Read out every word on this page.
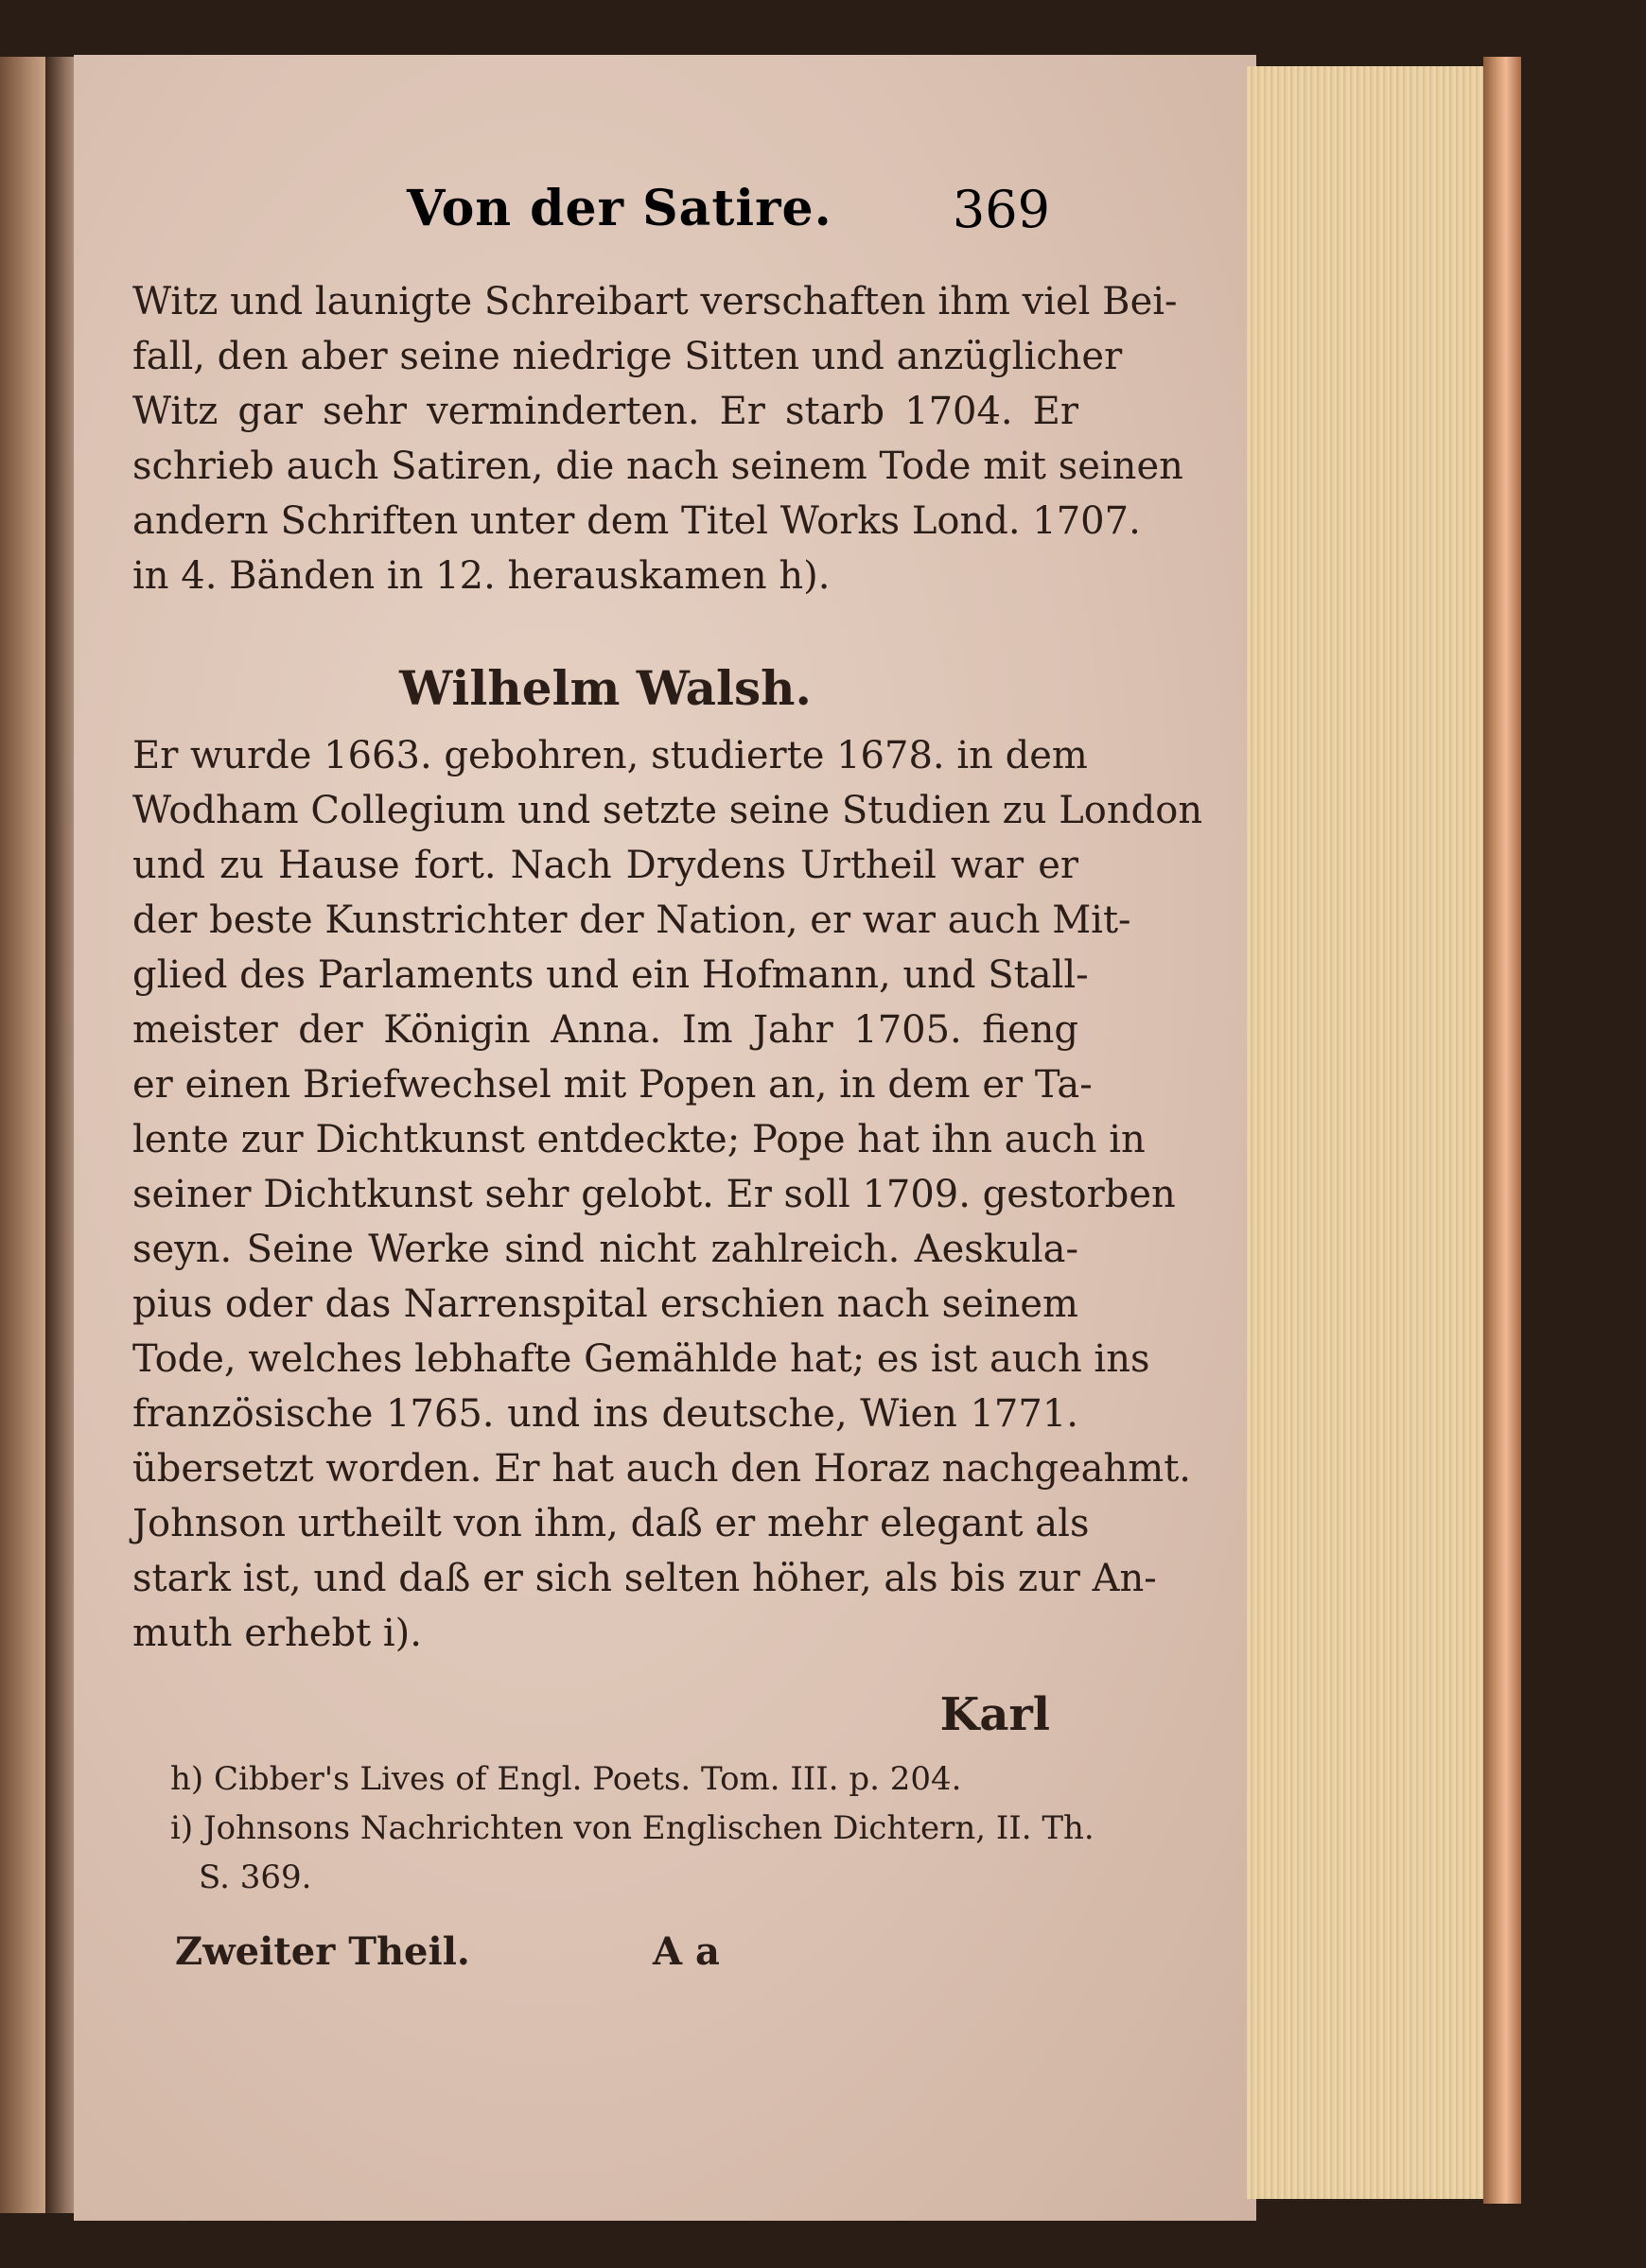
Von der Satire. 369
Witz und launigte Schreibart verschaften ihm viel Bei-
fall, den aber seine niedrige Sitten und anzüglicher
Witz gar sehr verminderten. Er starb 1704. Er
schrieb auch Satiren, die nach seinem Tode mit seinen
andern Schriften unter dem Titel Works Lond. 1707.
in 4. Bänden in 12. herauskamen h).
Wilhelm Walsh.
Er wurde 1663. gebohren, studierte 1678. in dem
Wodham Collegium und setzte seine Studien zu London
und zu Hause fort. Nach Drydens Urtheil war er
der beste Kunstrichter der Nation, er war auch Mit-
glied des Parlaments und ein Hofmann, und Stall-
meister der Königin Anna. Im Jahr 1705. fieng
er einen Briefwechsel mit Popen an, in dem er Ta-
lente zur Dichtkunst entdeckte; Pope hat ihn auch in
seiner Dichtkunst sehr gelobt. Er soll 1709. gestorben
seyn. Seine Werke sind nicht zahlreich. Aeskula-
pius oder das Narrenspital erschien nach seinem
Tode, welches lebhafte Gemählde hat; es ist auch ins
französische 1765. und ins deutsche, Wien 1771.
übersetzt worden. Er hat auch den Horaz nachgeahmt.
Johnson urtheilt von ihm, daß er mehr elegant als
stark ist, und daß er sich selten höher, als bis zur An-
muth erhebt i).
Karl
h) Cibber's Lives of Engl. Poets. Tom. III. p. 204.
i) Johnsons Nachrichten von Englischen Dichtern, II. Th.
S. 369.
Zweiter Theil.	A a
